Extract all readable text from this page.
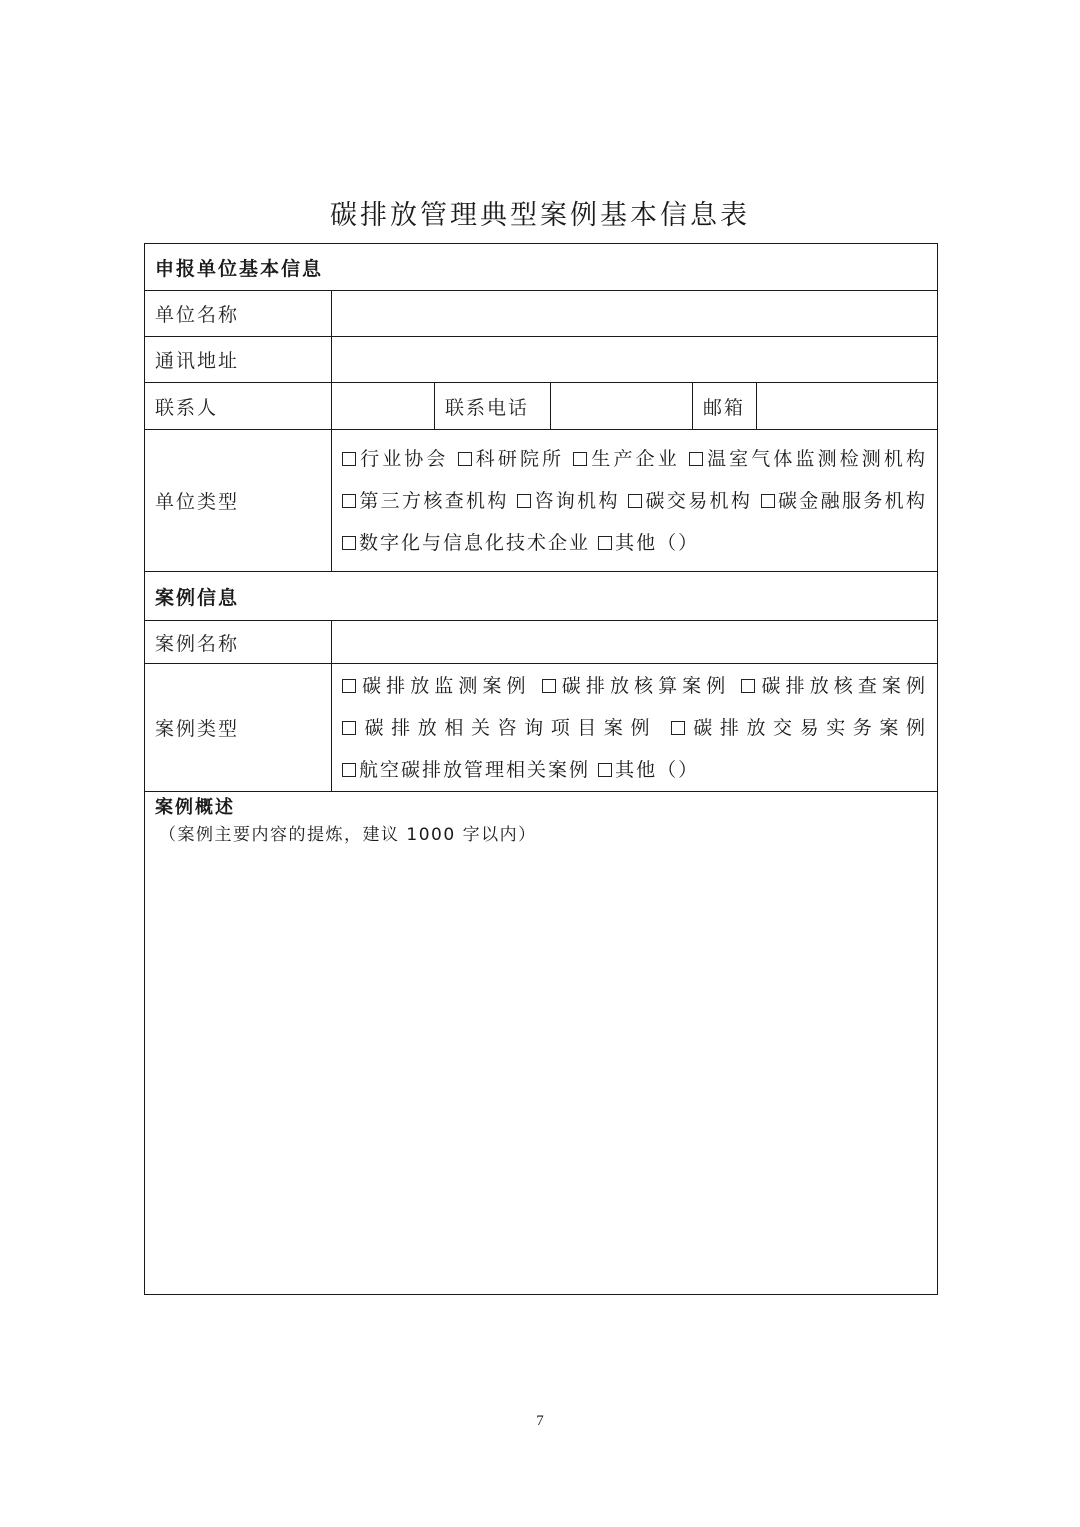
碳排放管理典型案例基本信息表
申报单位基本信息					
单位名称					
通讯地址					
联系人		联系电话		邮箱	
单位类型	行业协会 科研院所 生产企业 温室气体监测检测机构 第三方核查机构 咨询机构 碳交易机构 碳金融服务机构 数字化与信息化技术企业 其他（）				
案例信息					
案例名称					
案例类型	碳排放监测案例 碳排放核算案例 碳排放核查案例 碳排放相关咨询项目案例 碳排放交易实务案例 航空碳排放管理相关案例 其他（）				

案例概述
（案例主要内容的提炼，建议 1000 字以内）					
7
